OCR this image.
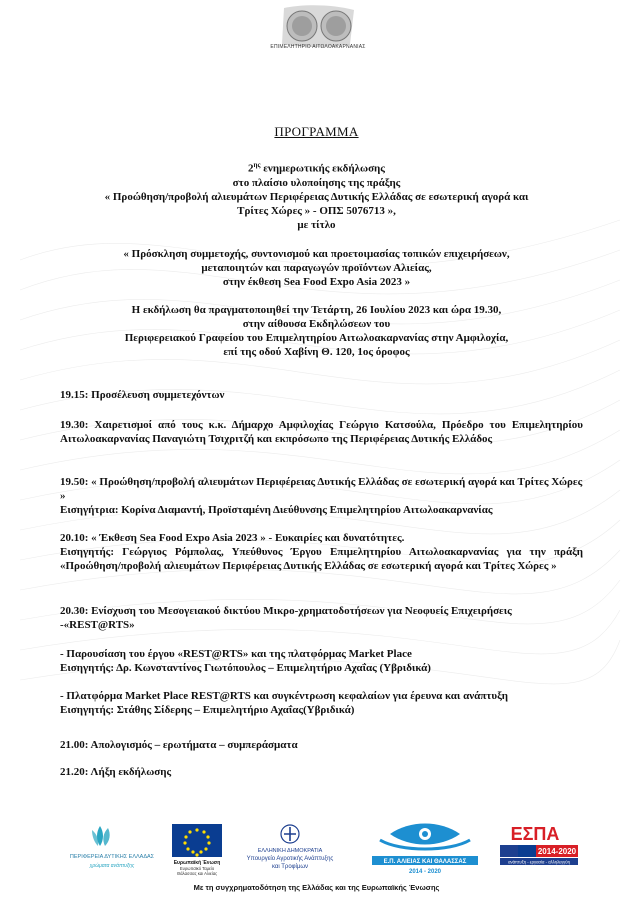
ΕΠΙΜΕΛΗΤΗΡΙΟ ΑΙΤΩΛΟΑΚΑΡΝΑΝΙΑΣ
ΠΡΟΓΡΑΜΜΑ
$2^{\eta\varsigma}$ ενημερωτικής εκδήλωσης
στο πλαίσιο υλοποίησης της πράξης
« Προώθηση/προβολή αλιευμάτων Περιφέρειας Δυτικής Ελλάδας σε εσωτερική αγορά και
Τρίτες Χώρες » - ΟΠΣ 5076713 »,
με τίτλο
« Πρόσκληση συμμετοχής, συντονισμού και προετοιμασίας τοπικών επιχειρήσεων,
μεταποιητών και παραγωγών προϊόντων Αλιείας,
στην έκθεση Sea Food Expo Asia 2023 »
Η εκδήλωση θα πραγματοποιηθεί την Τετάρτη, 26 Ιουλίου 2023 και ώρα 19.30,
στην αίθουσα Εκδηλώσεων του
Περιφερειακού Γραφείου του Επιμελητηρίου Αιτωλοακαρνανίας στην Αμφιλοχία,
επί της οδού Χαβίνη Θ. 120, 1ος όροφος

19.15: Προσέλευση συμμετεχόντων

19.30: Χαιρετισμοί από τους κ.κ. Δήμαρχο Αμφιλοχίας Γεώργιο Κατσούλα, Πρόεδρο του Επιμελητηρίου Αιτωλοακαρνανίας Παναγιώτη Τσιχριτζή και εκπρόσωπο της Περιφέρειας Δυτικής Ελλάδος

19.50: « Προώθηση/προβολή αλιευμάτων Περιφέρειας Δυτικής Ελλάδας σε εσωτερική αγορά και Τρίτες Χώρες »

Εισηγήτρια: Κορίνα Διαμαντή, Προϊσταμένη Διεύθυνσης Επιμελητηρίου Αιτωλοακαρνανίας

20.10: « Έκθεση Sea Food Expo Asia 2023 » - Ευκαιρίες και δυνατότητες.

Εισηγητής: Γεώργιος Ρόμπολας, Υπεύθυνος Έργου Επιμελητηρίου Αιτωλοακαρνανίας για την πράξη «Προώθηση/προβολή αλιευμάτων Περιφέρειας Δυτικής Ελλάδας σε εσωτερική αγορά και Τρίτες Χώρες »

20.30: Ενίσχυση του Μεσογειακού δικτύου Μικρο-χρηματοδοτήσεων για Νεοφυείς Επιχειρήσεις -«REST@RTS»

- Παρουσίαση του έργου «REST@RTS» και της πλατφόρμας Market Place

Εισηγητής: Δρ. Κωνσταντίνος Γιωτόπουλος – Επιμελητήριο Αχαΐας (Υβριδικά)

- Πλατφόρμα Market Place REST@RTS και συγκέντρωση κεφαλαίων για έρευνα και ανάπτυξη

Εισηγητής: Στάθης Σίδερης – Επιμελητήριο Αχαΐας(Υβριδικά)

21.00: Απολογισμός – ερωτήματα – συμπεράσματα

21.20: Λήξη εκδήλωσης

ΠΕΡΙΦΕΡΕΙΑ ΔΥΤΙΚΗΣ ΕΛΛΑΔΑΣ
χρώματα ανάπτυξης	Ευρωπαϊκή Ένωση
Ευρωπαϊκό Ταμείο
Θάλασσας και Αλιείας
ΕΛΛΗΝΙΚΗ ΔΗΜΟΚΡΑΤΙΑ
Υπουργείο Αγροτικής Ανάπτυξης
και Τροφίμων
Ε.Π. ΑΛΙΕΙΑΣ ΚΑΙ ΘΑΛΑΣΣΑΣ
2014 - 2020
ΕΣΠΑ
2014-2020
ανάπτυξη - εργασία - αλληλεγγύη
Με τη συγχρηματοδότηση της Ελλάδας και της Ευρωπαϊκής Ένωσης
